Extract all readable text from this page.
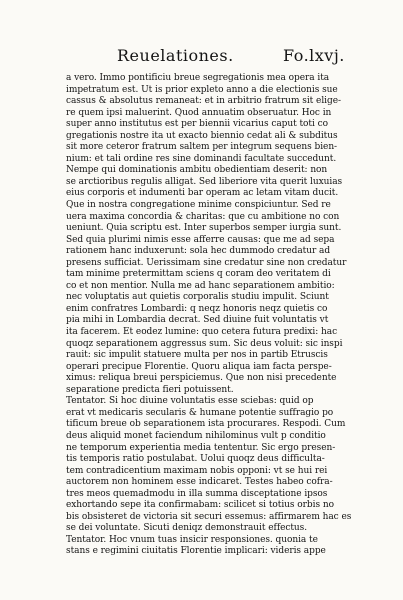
Reuelationes.	Fo.lxvj.
a vero. Immo pontificiu breue segregationis mea opera ita
impetratum est. Ut is prior expleto anno a die electionis sue
cassus & absolutus remaneat: et in arbitrio fratrum sit elige-
re quem ipsi maluerint. Quod annuatim obseruatur. Hoc in
super anno institutus est per biennii vicarius caput toti co
gregationis nostre ita ut exacto biennio cedat ali & subditus
sit more ceteror fratrum saltem per integrum sequens bien-
nium: et tali ordine res sine dominandi facultate succedunt.
Nempe qui dominationis ambitu obedientiam deserit: non
se arctioribus regulis alligat. Sed liberiore vita querit luxuias
eius corporis et indumenti bar operam ac letam vitam ducit.
Que in nostra congregatione minime conspiciuntur. Sed re
uera maxima concordia & charitas: que cu ambitione no con
ueniunt. Quia scriptu est. Inter superbos semper iurgia sunt.
Sed quia plurimi nimis esse afferre causas: que me ad sepa
rationem hanc induxerunt: sola hec dummodo credatur ad
presens sufficiat. Uerissimam sine credatur sine non credatur
tam minime pretermittam sciens q coram deo veritatem di
co et non mentior. Nulla me ad hanc separationem ambitio:
nec voluptatis aut quietis corporalis studiu impulit. Sciunt
enim confratres Lombardi: q neqz honoris neqz quietis co
pia mihi in Lombardia decrat. Sed diuine fuit voluntatis vt
ita facerem. Et eodez lumine: quo cetera futura predixi: hac
quoqz separationem aggressus sum. Sic deus voluit: sic inspi
rauit: sic impulit statuere multa per nos in partib Etruscis
operari precipue Florentie. Quoru aliqua iam facta perspe-
ximus: reliqua breui perspiciemus. Que non nisi precedente
separatione predicta fieri potuissent.
Tentator. Si hoc diuine voluntatis esse sciebas: quid op
erat vt medicaris secularis & humane potentie suffragio po
tificum breue ob separationem ista procurares. Respodi. Cum
deus aliquid monet faciendum nihilominus vult p conditio
ne temporum experientia media tententur. Sic ergo presen-
tis temporis ratio postulabat. Uolui quoqz deus difficulta-
tem contradicentium maximam nobis opponi: vt se hui rei
auctorem non hominem esse indicaret. Testes habeo cofra-
tres meos quemadmodu in illa summa disceptatione ipsos
exhortando sepe ita confirmabam: scilicet si totius orbis no
bis obsisteret de victoria sit securi essemus: affirmarem hac es
se dei voluntate. Sicuti deniqz demonstrauit effectus.
Tentator. Hoc vnum tuas insicir responsiones. quonia te
stans e regimini ciuitatis Florentie implicari: videris appe
